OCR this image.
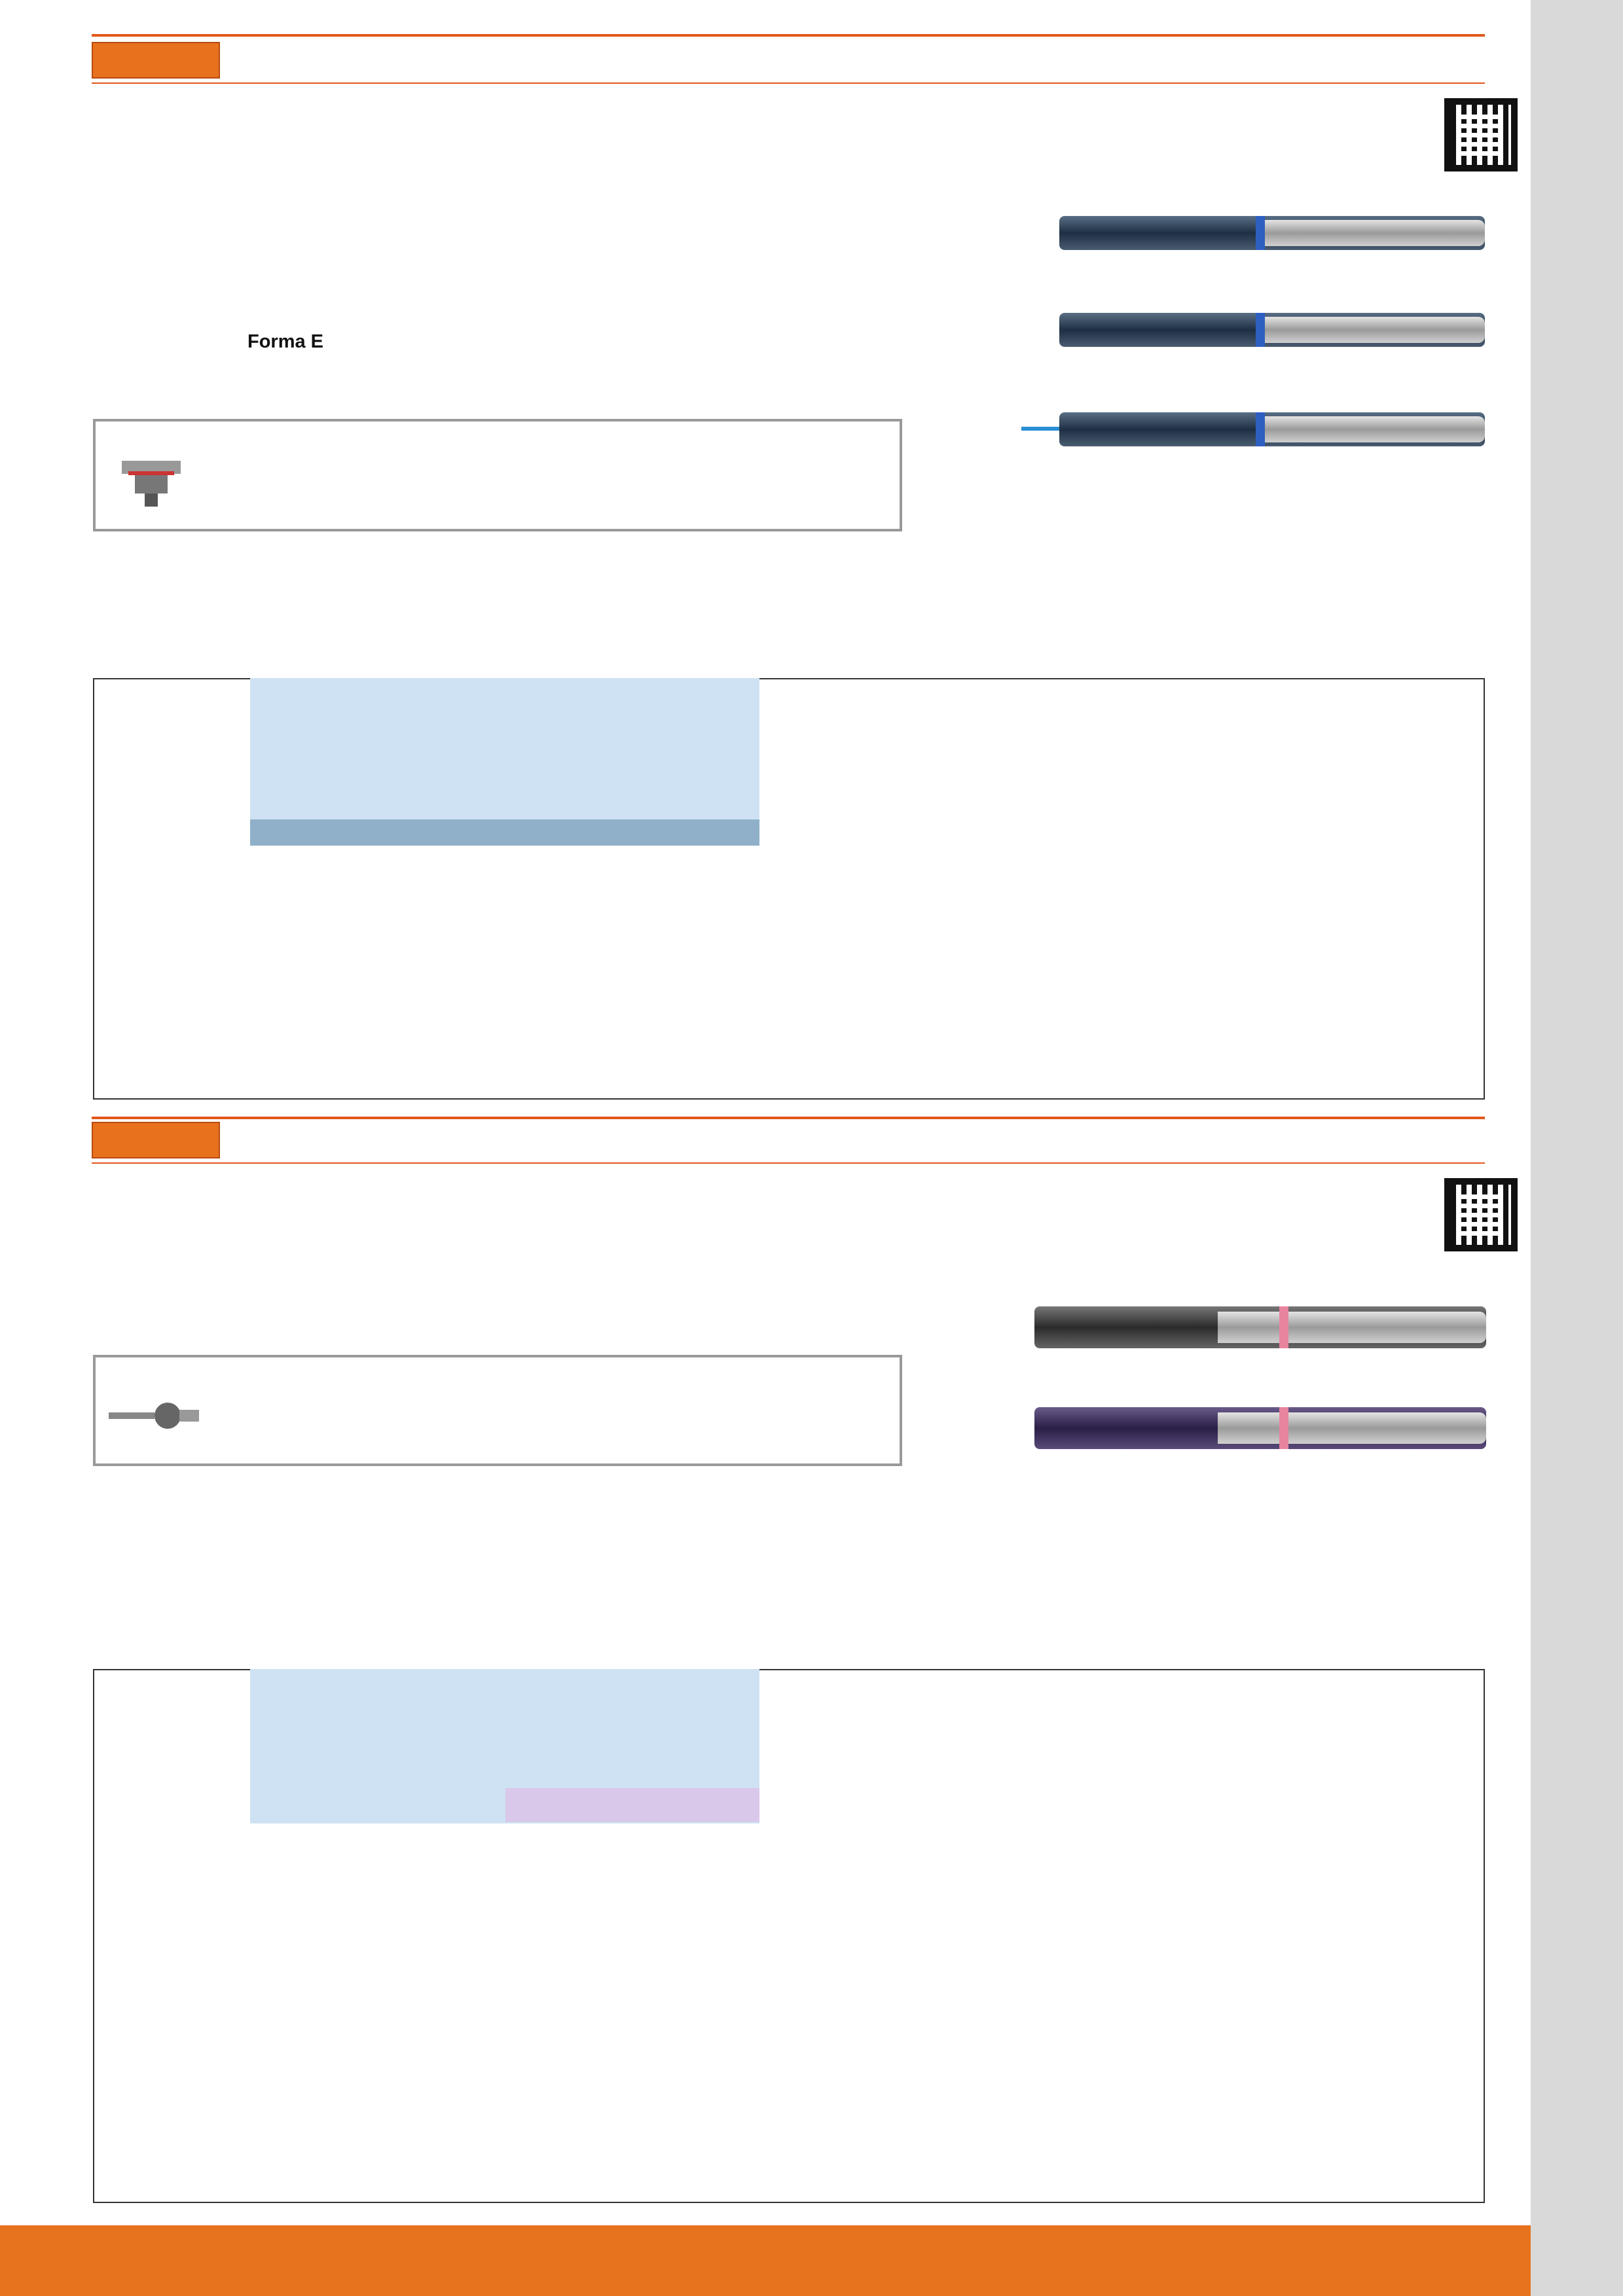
Forma E
